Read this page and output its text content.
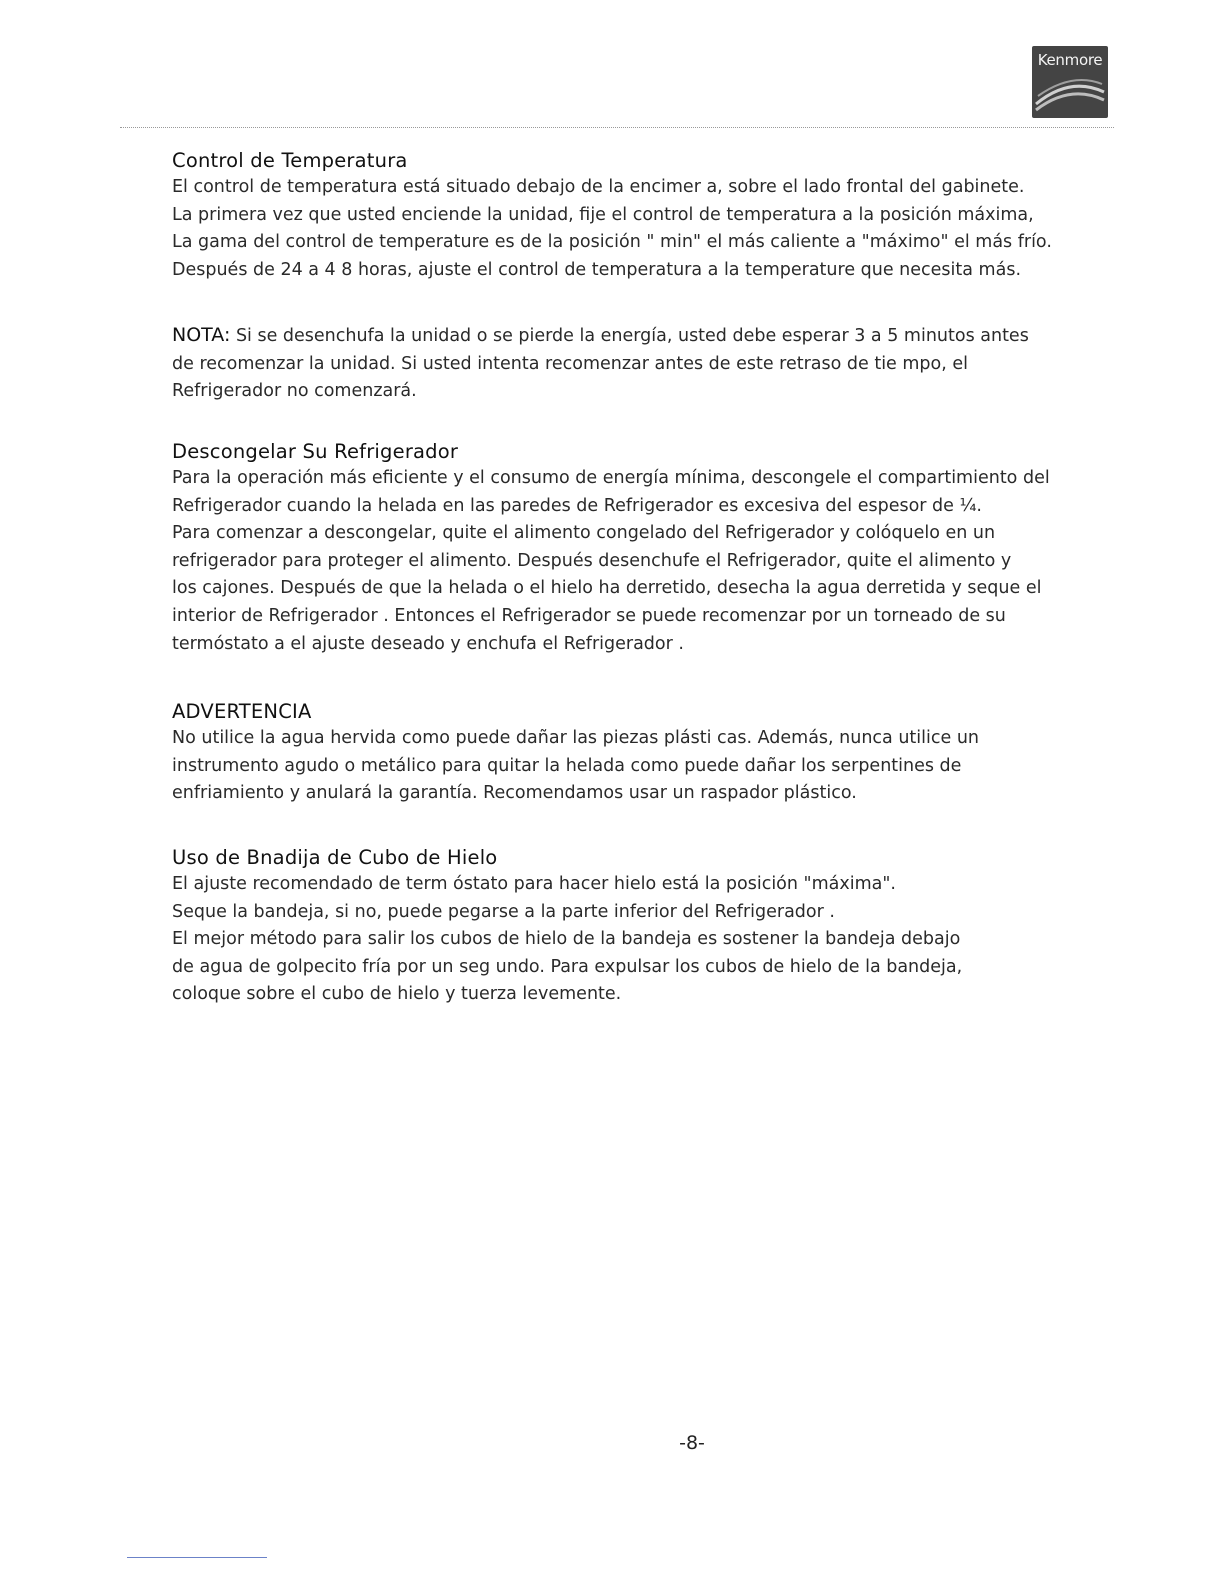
Kenmore
Control de Temperatura

El control de temperatura está situado debajo de la encimer a, sobre el lado frontal del gabinete.

La primera vez que usted enciende la unidad, fije el control de temperatura a la posición máxima,

La gama del control de temperature es de la posición " min" el más caliente a "máximo" el más frío.

Después de 24 a 4 8 horas, ajuste el control de temperatura a la temperature que necesita más.

NOTA: Si se desenchufa la unidad o se pierde la energía, usted debe esperar 3 a 5 minutos antes

de recomenzar la unidad. Si usted intenta recomenzar antes de este retraso de tie mpo, el

Refrigerador no comenzará.

Descongelar Su Refrigerador

Para la operación más eficiente y el consumo de energía mínima, descongele el compartimiento del

Refrigerador cuando la helada en las paredes de Refrigerador es excesiva del espesor de ¼.

Para comenzar a descongelar, quite el alimento congelado del Refrigerador y colóquelo en un

refrigerador para proteger el alimento. Después desenchufe el Refrigerador, quite el alimento y

los cajones. Después de que la helada o el hielo ha derretido, desecha la agua derretida y seque el

interior de Refrigerador . Entonces el Refrigerador se puede recomenzar por un torneado de su

termóstato a el ajuste deseado y enchufa el Refrigerador .

ADVERTENCIA

No utilice la agua hervida como puede dañar las piezas plásti cas. Además, nunca utilice un

instrumento agudo o metálico para quitar la helada como puede dañar los serpentines de

enfriamiento y anulará la garantía. Recomendamos usar un raspador plástico.

Uso de Bnadija de Cubo de Hielo

El ajuste recomendado de term óstato para hacer hielo está la posición "máxima".

Seque la bandeja, si no, puede pegarse a la parte inferior del Refrigerador .

El mejor método para salir los cubos de hielo de la bandeja es sostener la bandeja debajo

de agua de golpecito fría por un seg undo. Para expulsar los cubos de hielo de la bandeja,

coloque sobre el cubo de hielo y tuerza levemente.

-8-
